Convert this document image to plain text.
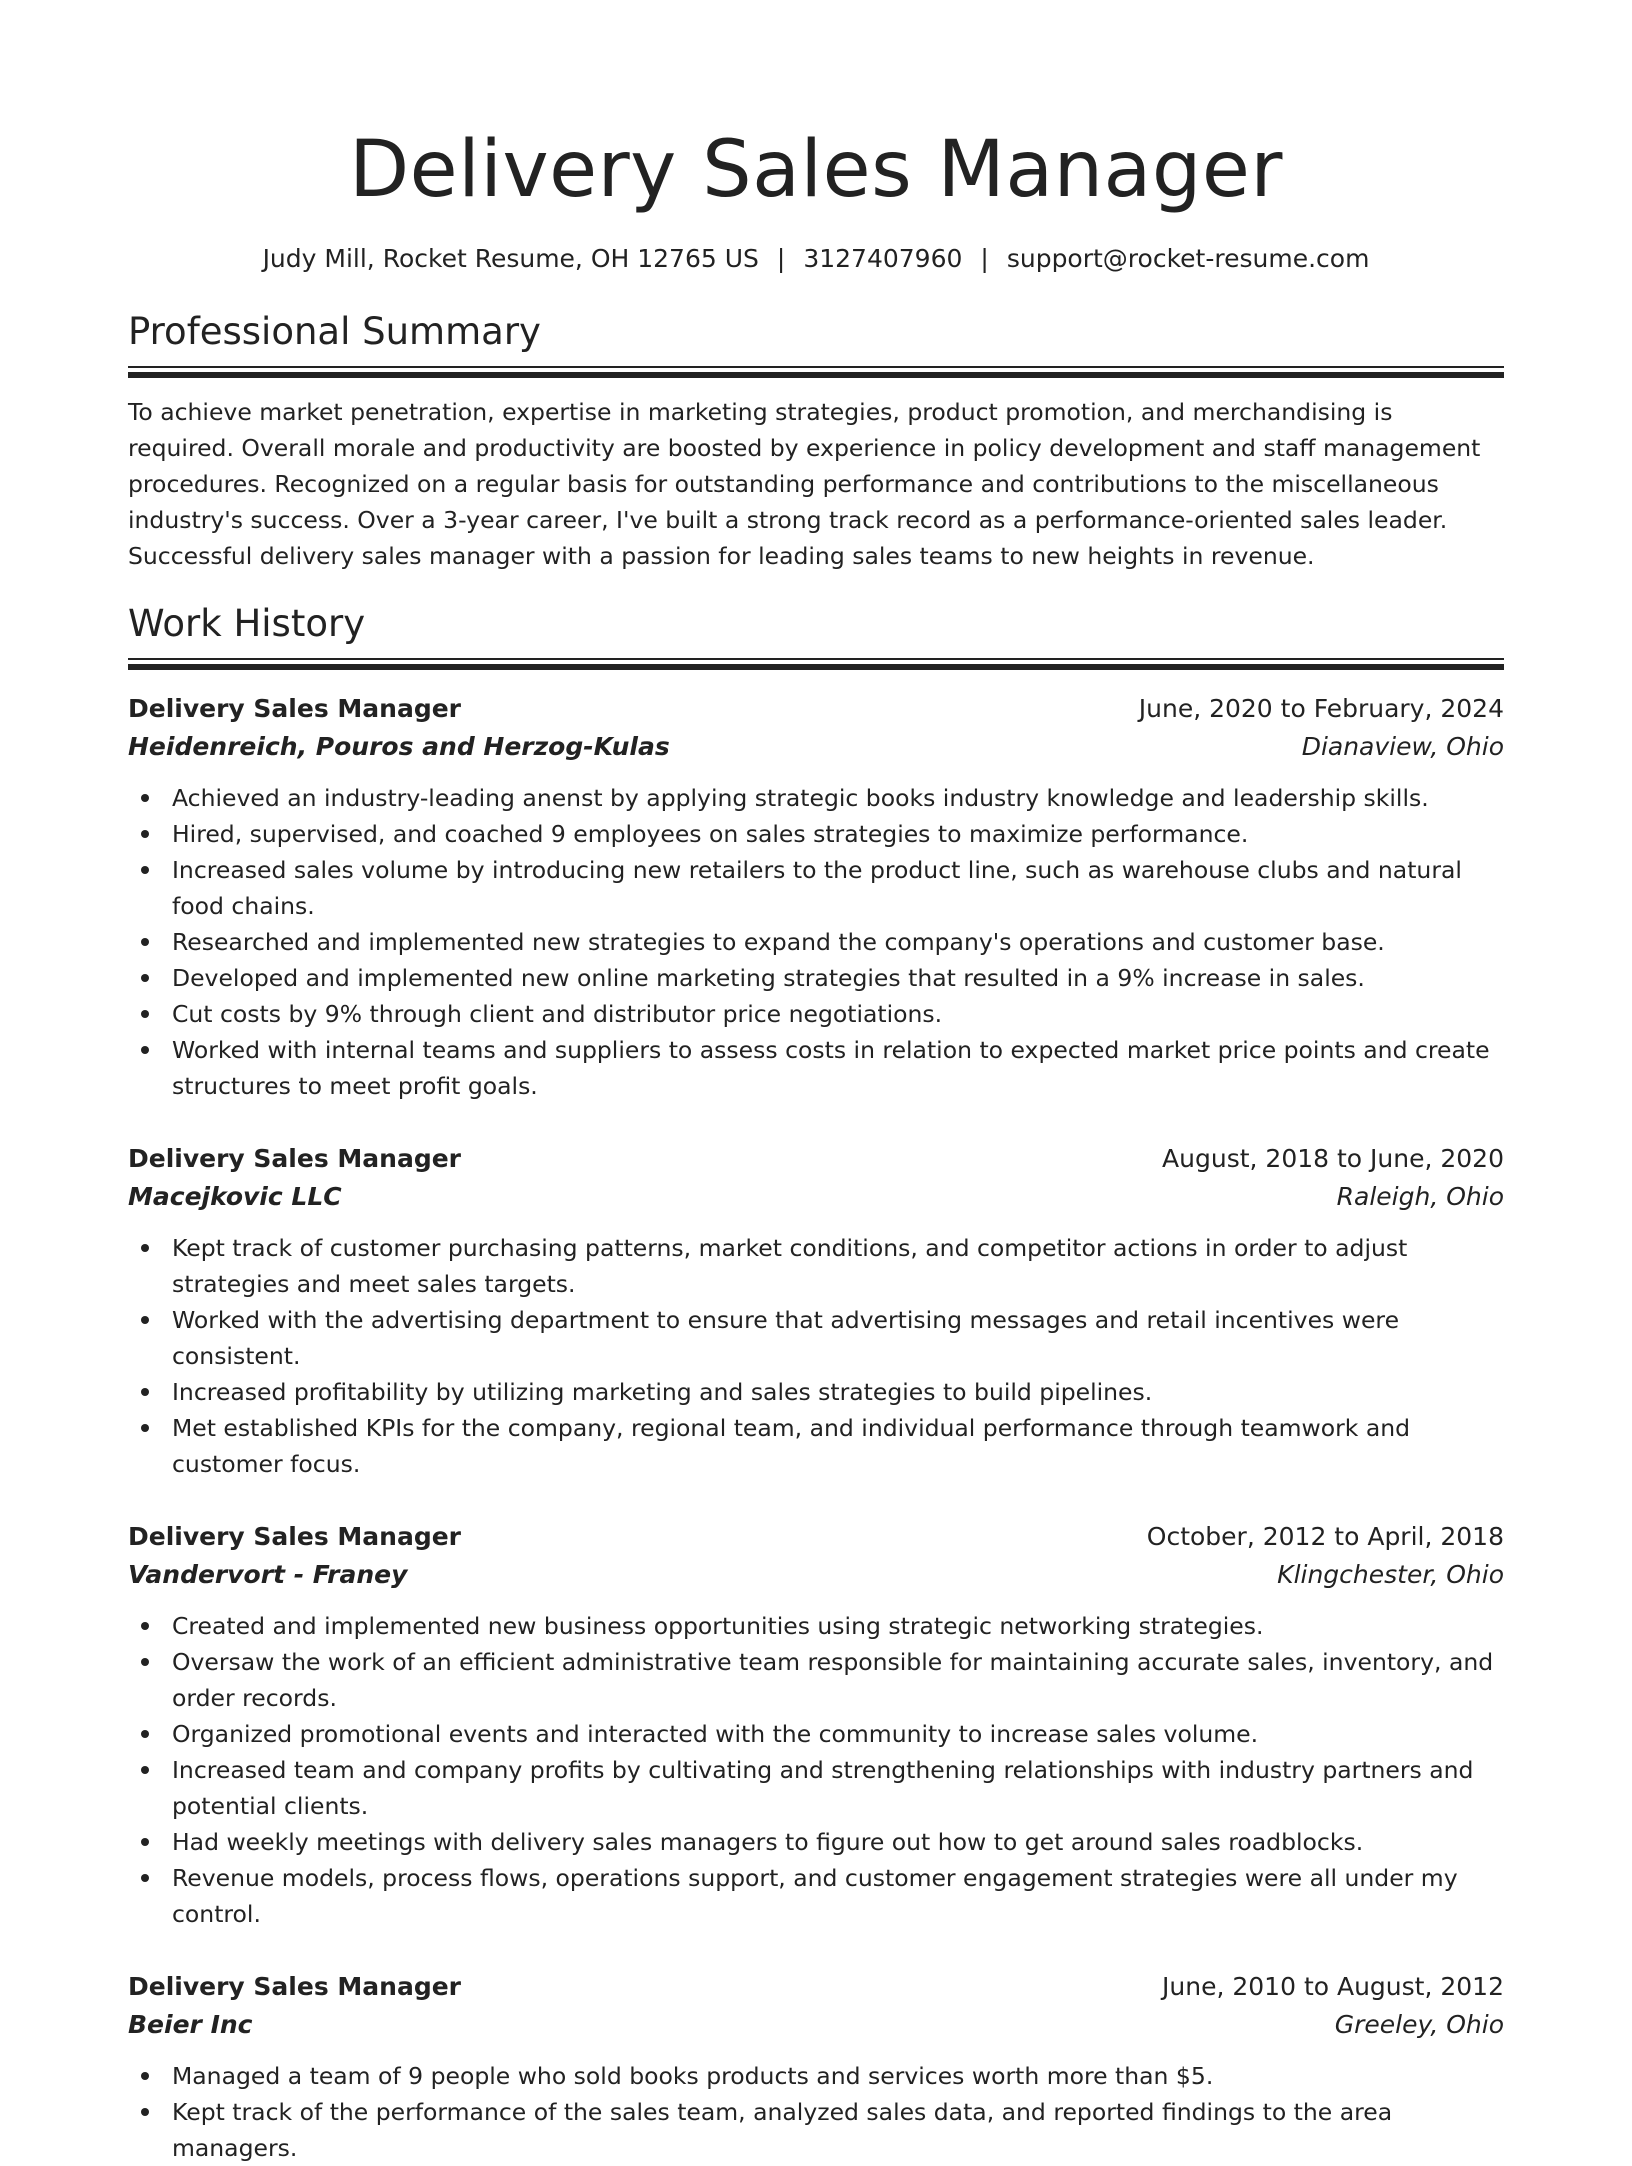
Delivery Sales Manager
Judy Mill, Rocket Resume, OH 12765 US | 3127407960 | support@rocket-resume.com
Professional Summary

To achieve market penetration, expertise in marketing strategies, product promotion, and merchandising is required. Overall morale and productivity are boosted by experience in policy development and staff management procedures. Recognized on a regular basis for outstanding performance and contributions to the miscellaneous industry's success. Over a 3-year career, I've built a strong track record as a performance-oriented sales leader. Successful delivery sales manager with a passion for leading sales teams to new heights in revenue.

Work History
Delivery Sales Manager	June, 2020 to February, 2024
Heidenreich, Pouros and Herzog-Kulas	Dianaview, Ohio
Achieved an industry-leading anenst by applying strategic books industry knowledge and leadership skills.
Hired, supervised, and coached 9 employees on sales strategies to maximize performance.
Increased sales volume by introducing new retailers to the product line, such as warehouse clubs and natural food chains.
Researched and implemented new strategies to expand the company's operations and customer base.
Developed and implemented new online marketing strategies that resulted in a 9% increase in sales.
Cut costs by 9% through client and distributor price negotiations.
Worked with internal teams and suppliers to assess costs in relation to expected market price points and create structures to meet profit goals.
Delivery Sales Manager	August, 2018 to June, 2020
Macejkovic LLC	Raleigh, Ohio
Kept track of customer purchasing patterns, market conditions, and competitor actions in order to adjust strategies and meet sales targets.
Worked with the advertising department to ensure that advertising messages and retail incentives were consistent.
Increased profitability by utilizing marketing and sales strategies to build pipelines.
Met established KPIs for the company, regional team, and individual performance through teamwork and customer focus.
Delivery Sales Manager	October, 2012 to April, 2018
Vandervort - Franey	Klingchester, Ohio
Created and implemented new business opportunities using strategic networking strategies.
Oversaw the work of an efficient administrative team responsible for maintaining accurate sales, inventory, and order records.
Organized promotional events and interacted with the community to increase sales volume.
Increased team and company profits by cultivating and strengthening relationships with industry partners and potential clients.
Had weekly meetings with delivery sales managers to figure out how to get around sales roadblocks.
Revenue models, process flows, operations support, and customer engagement strategies were all under my control.
Delivery Sales Manager	June, 2010 to August, 2012
Beier Inc	Greeley, Ohio
Managed a team of 9 people who sold books products and services worth more than $5.
Kept track of the performance of the sales team, analyzed sales data, and reported findings to the area managers.
